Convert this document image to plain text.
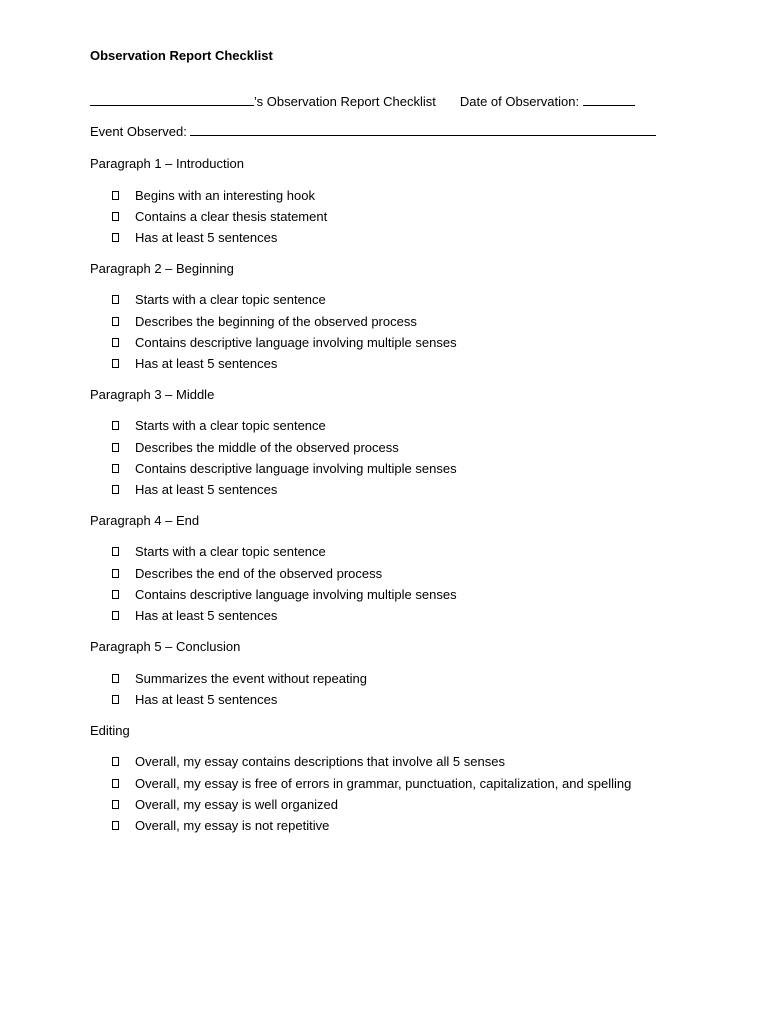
Observation Report Checklist
’s Observation Report Checklist Date of Observation:
Event Observed:
Paragraph 1 – Introduction
Begins with an interesting hook
Contains a clear thesis statement
Has at least 5 sentences
Paragraph 2 – Beginning
Starts with a clear topic sentence
Describes the beginning of the observed process
Contains descriptive language involving multiple senses
Has at least 5 sentences
Paragraph 3 – Middle
Starts with a clear topic sentence
Describes the middle of the observed process
Contains descriptive language involving multiple senses
Has at least 5 sentences
Paragraph 4 – End
Starts with a clear topic sentence
Describes the end of the observed process
Contains descriptive language involving multiple senses
Has at least 5 sentences
Paragraph 5 – Conclusion
Summarizes the event without repeating
Has at least 5 sentences
Editing
Overall, my essay contains descriptions that involve all 5 senses
Overall, my essay is free of errors in grammar, punctuation, capitalization, and spelling
Overall, my essay is well organized
Overall, my essay is not repetitive
